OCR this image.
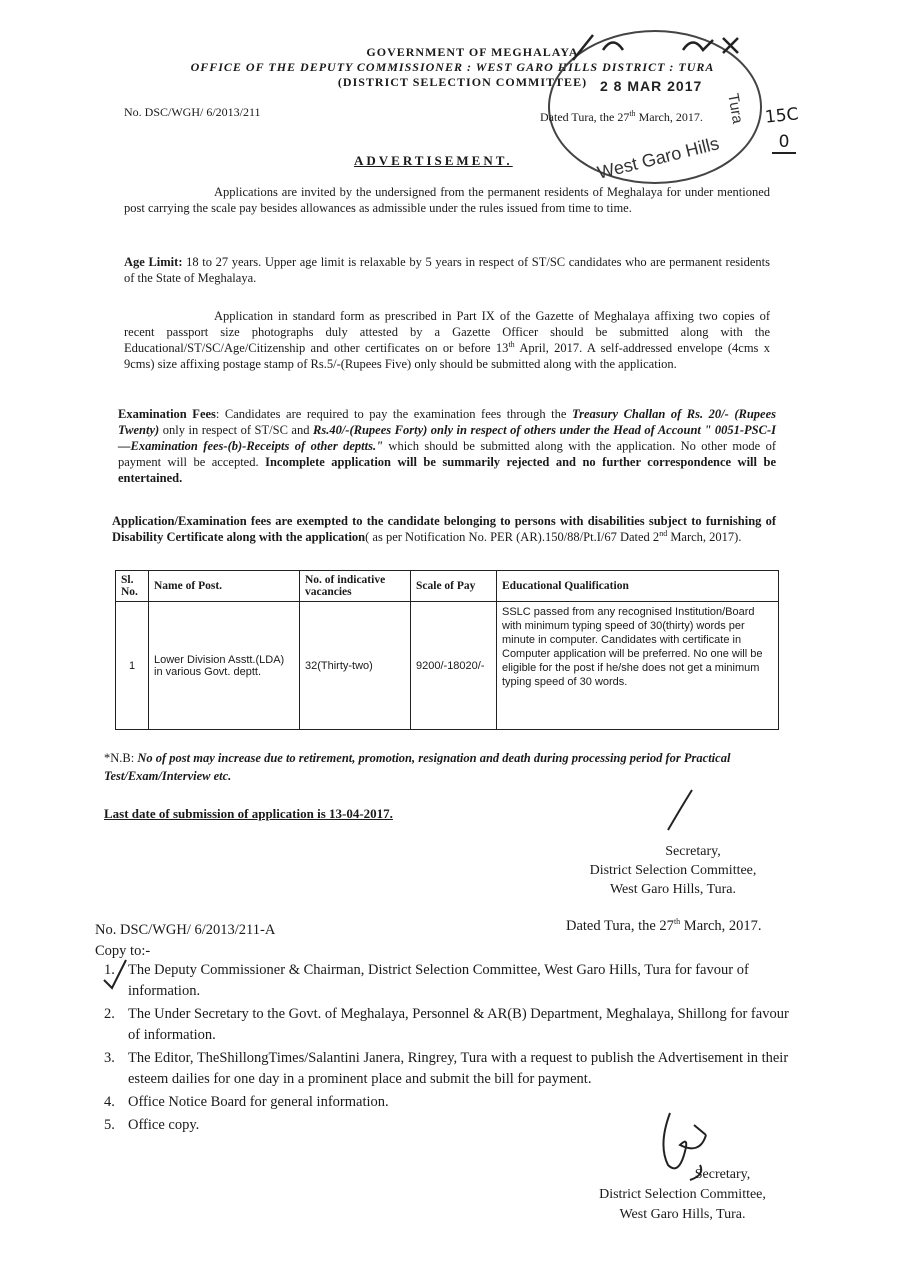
GOVERNMENT OF MEGHALAYA
OFFICE OF THE DEPUTY COMMISSIONER : WEST GARO HILLS DISTRICT : TURA
(DISTRICT SELECTION COMMITTEE) 2 8 MAR 2017
West Garo Hills
Tura 15C
0
No. DSC/WGH/ 6/2013/211	Dated Tura, the 27th March, 2017.
ADVERTISEMENT.
Applications are invited by the undersigned from the permanent residents of Meghalaya for under mentioned post carrying the scale pay besides allowances as admissible under the rules issued from time to time.
Age Limit: 18 to 27 years. Upper age limit is relaxable by 5 years in respect of ST/SC candidates who are permanent residents of the State of Meghalaya.
Application in standard form as prescribed in Part IX of the Gazette of Meghalaya affixing two copies of recent passport size photographs duly attested by a Gazette Officer should be submitted along with the Educational/ST/SC/Age/Citizenship and other certificates on or before 13th April, 2017. A self-addressed envelope (4cms x 9cms) size affixing postage stamp of Rs.5/-(Rupees Five) only should be submitted along with the application.
Examination Fees: Candidates are required to pay the examination fees through the Treasury Challan of Rs. 20/- (Rupees Twenty) only in respect of ST/SC and Rs.40/-(Rupees Forty) only in respect of others under the Head of Account " 0051-PSC-I—Examination fees-(b)-Receipts of other deptts." which should be submitted along with the application. No other mode of payment will be accepted. Incomplete application will be summarily rejected and no further correspondence will be entertained.
Application/Examination fees are exempted to the candidate belonging to persons with disabilities subject to furnishing of Disability Certificate along with the application( as per Notification No. PER (AR).150/88/Pt.I/67 Dated 2nd March, 2017).
Sl. No.	Name of Post.	No. of indicative vacancies	Scale of Pay	Educational Qualification
1	Lower Division Asstt.(LDA) in various Govt. deptt.	32(Thirty-two)	9200/-18020/-	SSLC passed from any recognised Institution/Board with minimum typing speed of 30(thirty) words per minute in computer. Candidates with certificate in Computer application will be preferred. No one will be eligible for the post if he/she does not get a minimum typing speed of 30 words.
*N.B: No of post may increase due to retirement, promotion, resignation and death during processing period for Practical Test/Exam/Interview etc.
Last date of submission of application is 13-04-2017.
Secretary,
District Selection Committee,
West Garo Hills, Tura.
No. DSC/WGH/ 6/2013/211-A	Dated Tura, the 27th March, 2017.
Copy to:-
1. The Deputy Commissioner & Chairman, District Selection Committee, West Garo Hills, Tura for favour of information.
2. The Under Secretary to the Govt. of Meghalaya, Personnel & AR(B) Department, Meghalaya, Shillong for favour of information.
3. The Editor, TheShillongTimes/Salantini Janera, Ringrey, Tura with a request to publish the Advertisement in their esteem dailies for one day in a prominent place and submit the bill for payment.
4. Office Notice Board for general information.
5. Office copy.
Secretary,
District Selection Committee,
West Garo Hills, Tura.
